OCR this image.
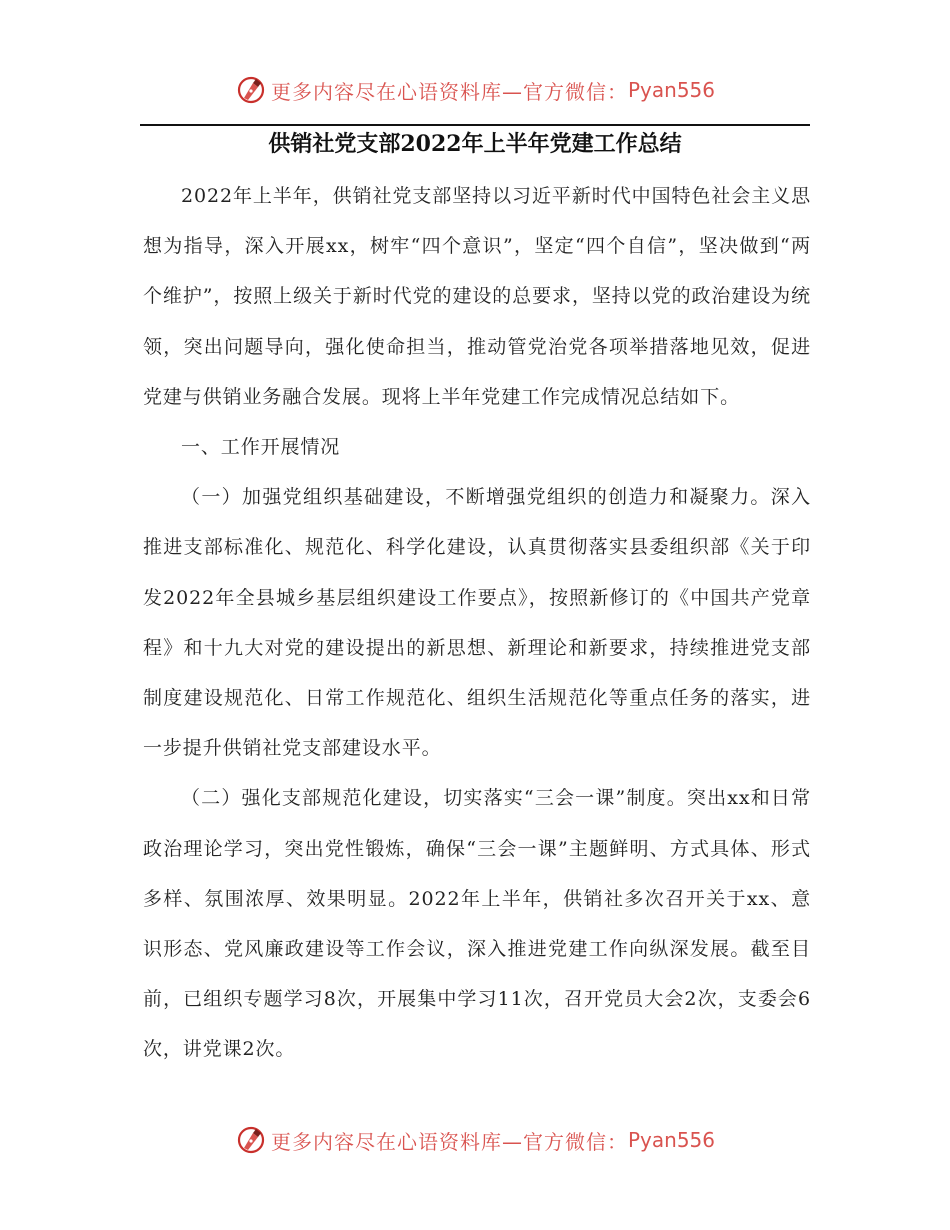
更多内容尽在心语资料库—官方微信： Pyan556
供销社党支部2022年上半年党建工作总结

2022年上半年，供销社党支部坚持以习近平新时代中国特色社会主义思想为指导，深入开展xx，树牢“四个意识”，坚定“四个自信”，坚决做到“两个维护”，按照上级关于新时代党的建设的总要求，坚持以党的政治建设为统领，突出问题导向，强化使命担当，推动管党治党各项举措落地见效，促进党建与供销业务融合发展。现将上半年党建工作完成情况总结如下。

一、工作开展情况

（一）加强党组织基础建设，不断增强党组织的创造力和凝聚力。深入推进支部标准化、规范化、科学化建设，认真贯彻落实县委组织部《关于印发2022年全县城乡基层组织建设工作要点》，按照新修订的《中国共产党章程》和十九大对党的建设提出的新思想、新理论和新要求，持续推进党支部制度建设规范化、日常工作规范化、组织生活规范化等重点任务的落实，进一步提升供销社党支部建设水平。

（二）强化支部规范化建设，切实落实“三会一课”制度。突出xx和日常政治理论学习，突出党性锻炼，确保“三会一课”主题鲜明、方式具体、形式多样、氛围浓厚、效果明显。2022年上半年，供销社多次召开关于xx、意识形态、党风廉政建设等工作会议，深入推进党建工作向纵深发展。截至目前，已组织专题学习8次，开展集中学习11次，召开党员大会2次，支委会6次，讲党课2次。

更多内容尽在心语资料库—官方微信： Pyan556
